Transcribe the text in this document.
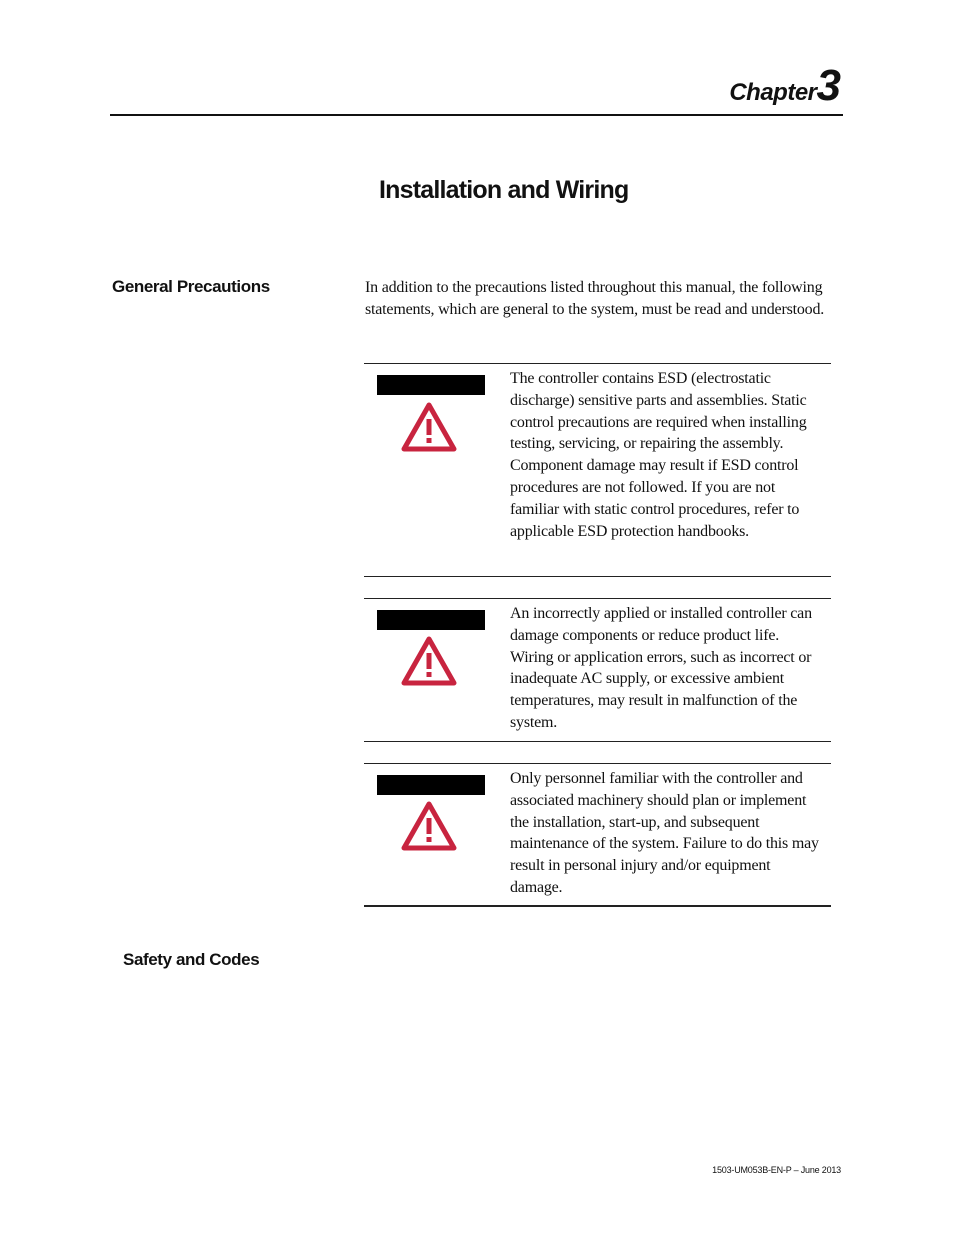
Chapter 3
Installation and Wiring
General Precautions	In addition to the precautions listed throughout this manual, the following statements, which are general to the system, must be read and understood.

The controller contains ESD (electrostatic discharge) sensitive parts and assemblies. Static control precautions are required when installing testing, servicing, or repairing the assembly. Component damage may result if ESD control procedures are not followed. If you are not familiar with static control procedures, refer to applicable ESD protection handbooks.

An incorrectly applied or installed controller can damage components or reduce product life. Wiring or application errors, such as incorrect or inadequate AC supply, or excessive ambient temperatures, may result in malfunction of the system.

Only personnel familiar with the controller and associated machinery should plan or implement the installation, start-up, and subsequent maintenance of the system. Failure to do this may result in personal injury and/or equipment damage.

Safety and Codes
1503-UM053B-EN-P – June 2013
